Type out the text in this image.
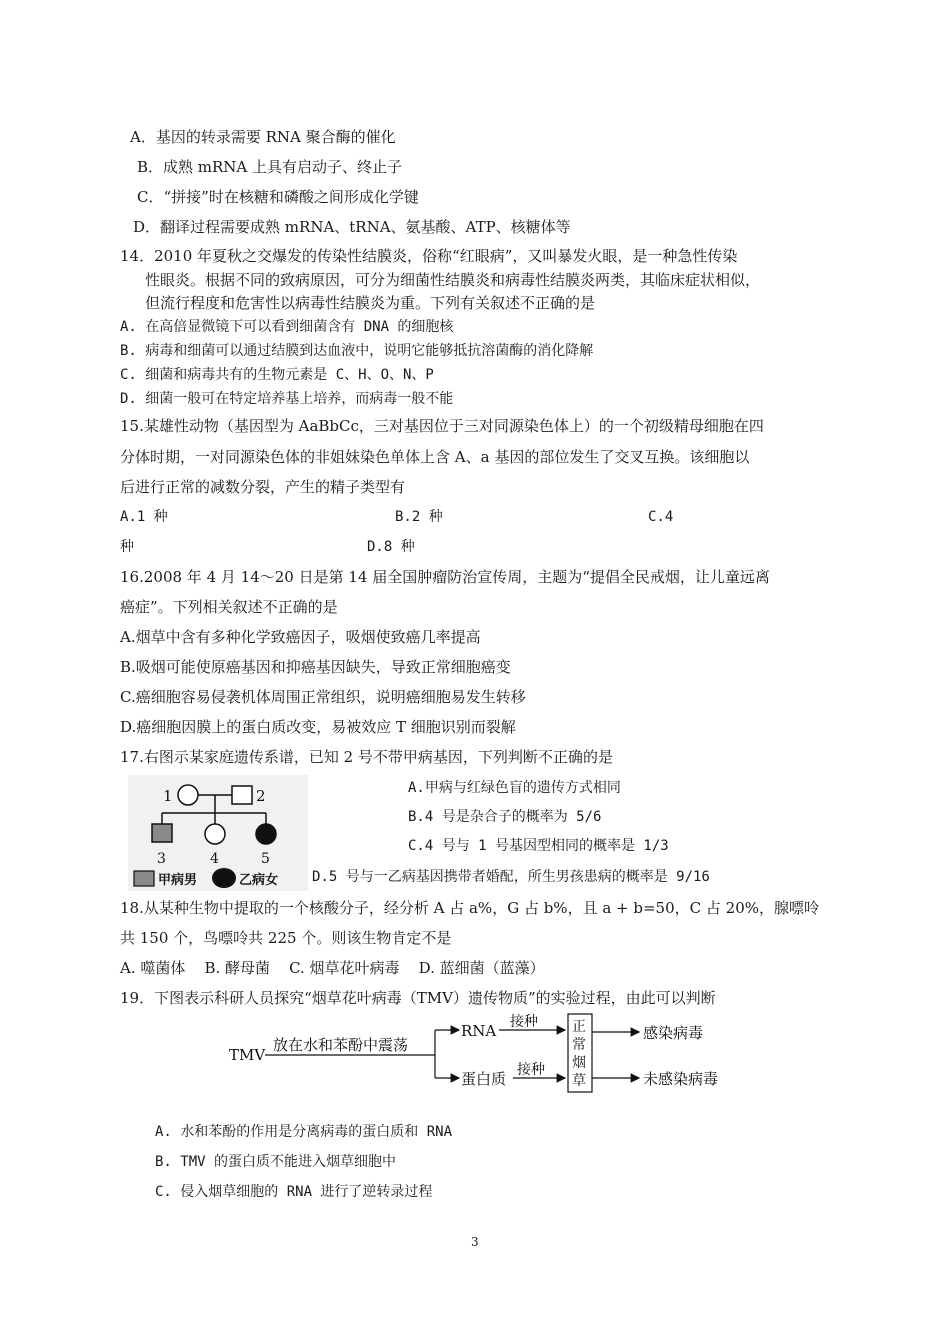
A．基因的转录需要 RNA 聚合酶的催化
B．成熟 mRNA 上具有启动子、终止子
C．“拼接”时在核糖和磷酸之间形成化学键
D．翻译过程需要成熟 mRNA、tRNA、氨基酸、ATP、核糖体等
14．2010 年夏秋之交爆发的传染性结膜炎，俗称“红眼病”，又叫暴发火眼，是一种急性传染
性眼炎。根据不同的致病原因，可分为细菌性结膜炎和病毒性结膜炎两类，其临床症状相似，
但流行程度和危害性以病毒性结膜炎为重。下列有关叙述不正确的是
A. 在高倍显微镜下可以看到细菌含有 DNA 的细胞核
B. 病毒和细菌可以通过结膜到达血液中，说明它能够抵抗溶菌酶的消化降解
C. 细菌和病毒共有的生物元素是 C、H、O、N、P
D. 细菌一般可在特定培养基上培养，而病毒一般不能
15.某雄性动物（基因型为 AaBbCc，三对基因位于三对同源染色体上）的一个初级精母细胞在四
分体时期，一对同源染色体的非姐妹染色单体上含 A、a 基因的部位发生了交叉互换。该细胞以
后进行正常的减数分裂，产生的精子类型有
A.1 种	B.2 种	C.4
种	D.8 种
16.2008 年 4 月 14～20 日是第 14 届全国肿瘤防治宣传周，主题为“提倡全民戒烟，让儿童远离
癌症”。下列相关叙述不正确的是
A.烟草中含有多种化学致癌因子，吸烟使致癌几率提高
B.吸烟可能使原癌基因和抑癌基因缺失，导致正常细胞癌变
C.癌细胞容易侵袭机体周围正常组织，说明癌细胞易发生转移
D.癌细胞因膜上的蛋白质改变，易被效应 T 细胞识别而裂解
17.右图示某家庭遗传系谱，已知 2 号不带甲病基因，下列判断不正确的是
1	2
3	4	5
甲病男	乙病女
A.甲病与红绿色盲的遗传方式相同
B.4 号是杂合子的概率为 5/6
C.4 号与 1 号基因型相同的概率是 1/3
D.5 号与一乙病基因携带者婚配，所生男孩患病的概率是 9/16
18.从某种生物中提取的一个核酸分子，经分析 A 占 a%，G 占 b%，且 a + b=50，C 占 20%，腺嘌呤
共 150 个，鸟嘌呤共 225 个。则该生物肯定不是
A. 噬菌体    B. 酵母菌    C. 烟草花叶病毒    D. 蓝细菌（蓝藻）
19．下图表示科研人员探究“烟草花叶病毒（TMV）遗传物质”的实验过程，由此可以判断
TMV
放在水和苯酚中震荡
RNA
蛋白质
接种
接种
正
常
烟
草
感染病毒
未感染病毒
A. 水和苯酚的作用是分离病毒的蛋白质和 RNA
B. TMV 的蛋白质不能进入烟草细胞中
C. 侵入烟草细胞的 RNA 进行了逆转录过程
3
